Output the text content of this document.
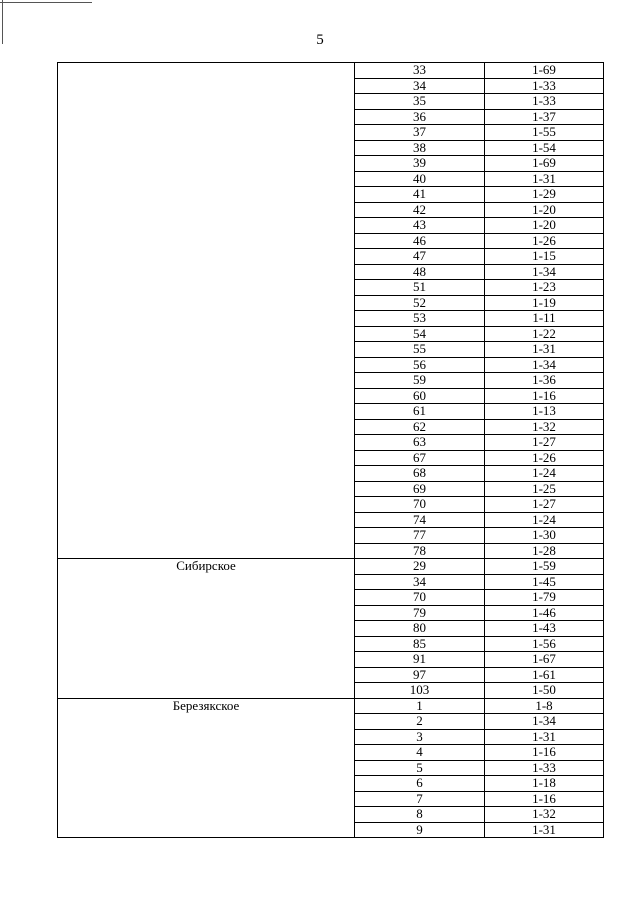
5
	33	1-69
	34	1-33
	35	1-33
	36	1-37
	37	1-55
	38	1-54
	39	1-69
	40	1-31
	41	1-29
	42	1-20
	43	1-20
	46	1-26
	47	1-15
	48	1-34
	51	1-23
	52	1-19
	53	1-11
	54	1-22
	55	1-31
	56	1-34
	59	1-36
	60	1-16
	61	1-13
	62	1-32
	63	1-27
	67	1-26
	68	1-24
	69	1-25
	70	1-27
	74	1-24
	77	1-30
	78	1-28
Сибирское	29	1-59
	34	1-45
	70	1-79
	79	1-46
	80	1-43
	85	1-56
	91	1-67
	97	1-61
	103	1-50
Березякское	1	1-8
	2	1-34
	3	1-31
	4	1-16
	5	1-33
	6	1-18
	7	1-16
	8	1-32
	9	1-31
